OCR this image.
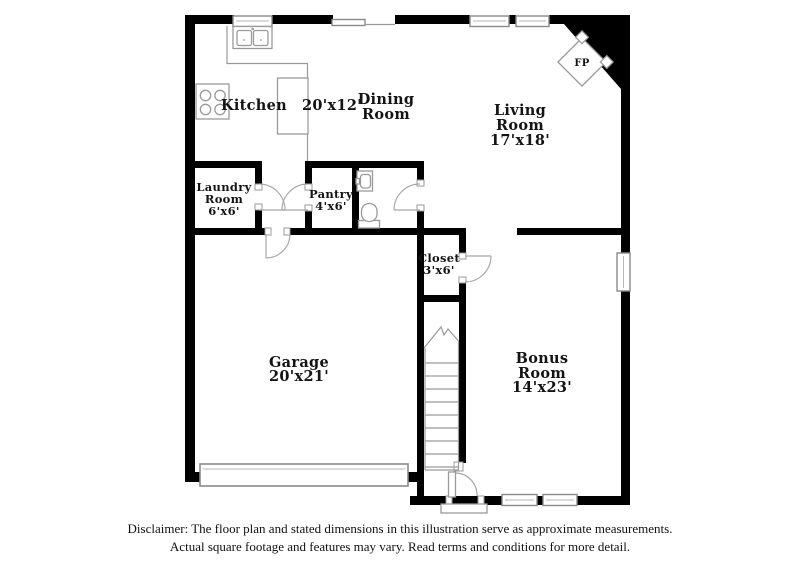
Kitchen 20'x12'
Dining
Room	Living
Room
17'x18'
Laundry
Room
6'x6'
Pantry
4'x6'
Closet
3'x6'
Garage
20'x21'
Bonus
Room
14'x23'
FP
Disclaimer: The floor plan and stated dimensions in this illustration serve as approximate measurements.
Actual square footage and features may vary. Read terms and conditions for more detail.
